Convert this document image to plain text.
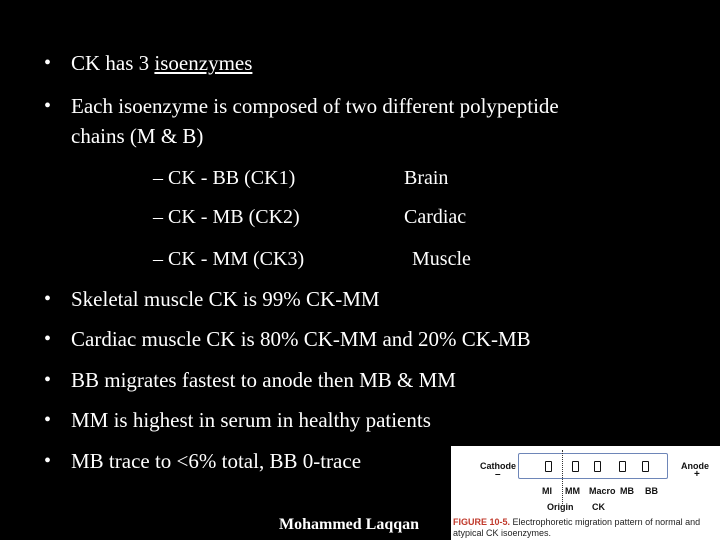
• CK has 3 isoenzymes
• Each isoenzyme is composed of two different polypeptide
chains (M & B)
– CK - BB (CK1)	Brain
– CK - MB (CK2)	Cardiac
– CK - MM (CK3)	Muscle
• Skeletal muscle CK is 99% CK-MM
• Cardiac muscle CK is 80% CK-MM and 20% CK-MB
• BB migrates fastest to anode then MB & MM
• MM is highest in serum in healthy patients
• MB trace to <6% total, BB 0-trace
Mohammed Laqqan
Cathode
–
Anode
+
MI MM Macro MB BB
Origin CK
FIGURE 10-5. Electrophoretic migration pattern of normal and atypical CK isoenzymes.
